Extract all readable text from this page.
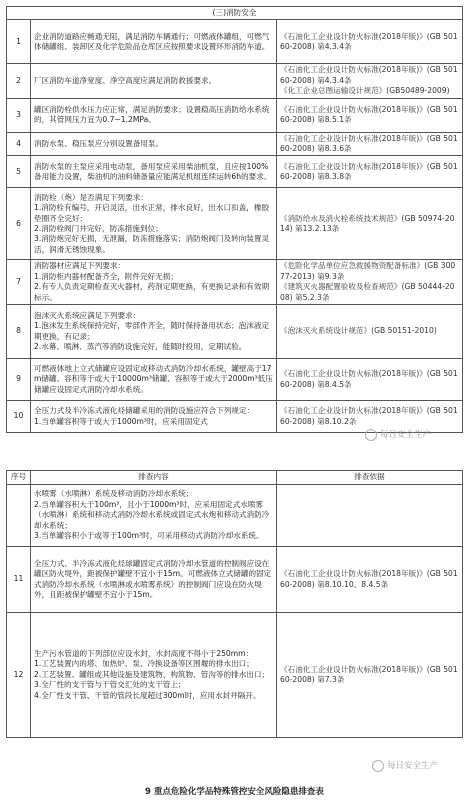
(三)消防安全		
1	企业消防道路应畅通无阻，满足消防车辆通行；可燃液体罐组，可燃气体储罐组、装卸区及化学危险品仓库区应按照要求设置环形消防车道。	《石油化工企业设计防火标准(2018年版)》(GB 50160-2008) 第4.3.4条
2	厂区消防车道净宽度、净空高度应满足消防救援要求。	《石油化工企业设计防火标准(2018年版)》(GB 50160-2008) 第4.3.4条
《化工企业总图运输设计规范》(GB50489-2009)
3	罐区消防栓供水压力应正常，满足消防要求；设置稳高压消防给水系统的，其管网压力宜为0.7~1.2MPa。	《石油化工企业设计防火标准(2018年版)》(GB 50160-2008) 第8.5.1条
4	消防水泵、稳压泵应分别设置备用泵。	《石油化工企业设计防火标准(2018年版)》(GB 50160-2008) 第8.3.6条
5	消防水泵的主泵应采用电动泵，备用泵应采用柴油机泵，且应按100%备用能力设置，柴油机的油料储备量应能满足机组连续运转6h的要求。	《石油化工企业设计防火标准(2018年版)》(GB 50160-2008) 第8.3.8条
6	消防栓（炮）是否满足下列要求：
1.消防栓有编号，开启灵活，出水正常，排水良好，出水口扣盖，橡胶垫圈齐全完好；
2.消防栓阀门井完好，防冻措施到位；
3.消防炮完好无损，无泄漏，防冻措施落实；消防炮阀门及转向装置灵活，润滑无锈蚀现象。	《消防给水及消火栓系统技术规范》(GB 50974-2014) 第13.2.13条
7	消防器材应满足下列要求：
1.消防柜内器材配备齐全，附件完好无损；
2.有专人负责定期检查灭火器材，药剂定期更换，有更换记录和有效期标示。	《危险化学品单位应急救援物资配备标准》(GB 30077-2013) 第9.3条
《建筑灭火器配置验收及检查规范》(GB 50444-2008) 第5.2.3条
8	泡沫灭火系统应满足下列要求：
1.泡沫发生系统保持完好，零部件齐全，随时保持备用状态；泡沫液定期更换，有记录；
2.水幕、喷淋、蒸汽等消防设施完好，能随时投用，定期试验。	《泡沫灭火系统设计规范》(GB 50151-2010)
9	可燃液体地上立式储罐应设固定或移动式消防冷却水系统，罐壁高于17m储罐、容积等于或大于10000m³储罐、容积等于或大于2000m³低压储罐应设固定式消防冷却水系统。	《石油化工企业设计防火标准(2018年版)》(GB 50160-2008) 第8.4.5条
10	全压力式及半冷冻式液化烃储罐采用的消防设施应符合下列规定：
1.当单罐容积等于或大于1000m³时，应采用固定式	《石油化工企业设计防火标准(2018年版)》(GB 50160-2008) 第8.10.2条
序号	排查内容	排查依据
	水喷雾（水喷淋）系统及移动消防冷却水系统；
2.当单罐容积大于100m³，且小于1000m³时，应采用固定式水喷雾（水喷淋）系统和移动式消防冷却水系统或固定式水炮和移动式消防冷却水系统；
3.当单罐容积小于或等于100m³时，可采用移动式消防冷却水系统。	
11	全压力式、半冷冻式液化烃球罐固定式消防冷却水管道的控制阀应设在罐区防火堤外，距被保护罐壁不宜小于15m。可燃液体立式储罐的固定式消防冷却水系统（水喷淋或水喷雾系统）的控制阀门应设在防火堤外，且距被保护罐壁不宜小于15m。	《石油化工企业设计防火标准(2018年版)》(GB 50160-2008) 第8.10.10、8.4.5条
12	生产污水管道的下列部位应设水封，水封高度不得小于250mm：
1.工艺装置内的塔、加热炉、泵、冷换设备等区围堰的排水出口；
2.工艺装置、罐组或其他设施及建筑物、构筑物、管沟等的排水出口；
3.全厂性的支干管与干管交汇处的支干管上；
4.全厂性支干管、干管的管段长度超过300m时，应用水封井隔开。	《石油化工企业设计防火标准(2018年版)》(GB 50160-2008) 第7.3条
每日安全生产
每日安全生产
9 重点危险化学品特殊管控安全风险隐患排查表
